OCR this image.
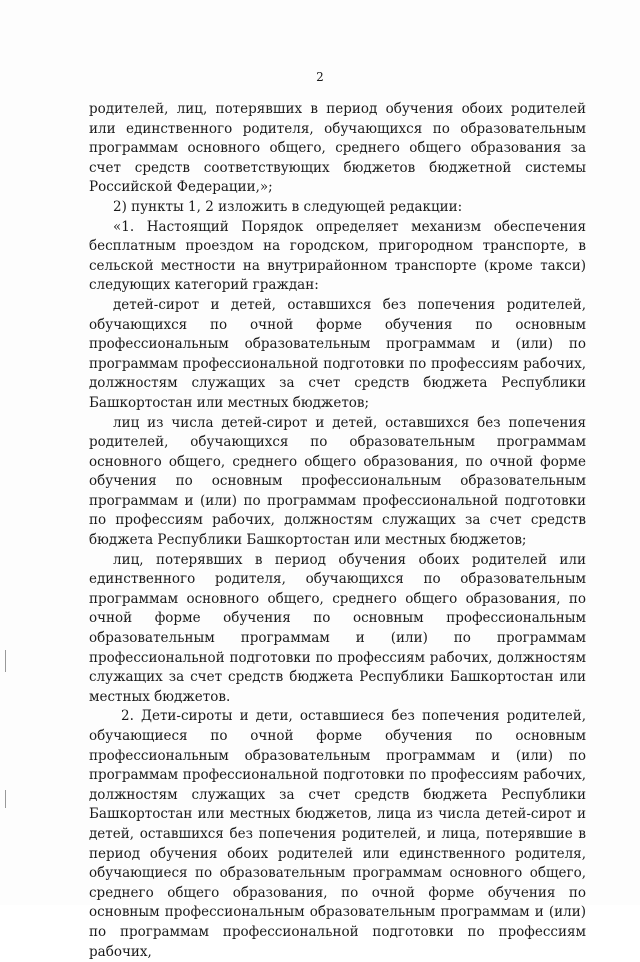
2

родителей, лиц, потерявших в период обучения обоих родителей или единственного родителя, обучающихся по образовательным программам основного общего, среднего общего образования за счет средств соответствующих бюджетов бюджетной системы Российской Федерации,»;

2) пункты 1, 2 изложить в следующей редакции:

«1. Настоящий Порядок определяет механизм обеспечения бесплатным проездом на городском, пригородном транспорте, в сельской местности на внутрирайонном транспорте (кроме такси) следующих категорий граждан:

детей-сирот и детей, оставшихся без попечения родителей, обучающихся по очной форме обучения по основным профессиональным образовательным программам и (или) по программам профессиональной подготовки по профессиям рабочих, должностям служащих за счет средств бюджета Республики Башкортостан или местных бюджетов;

лиц из числа детей-сирот и детей, оставшихся без попечения родителей, обучающихся по образовательным программам основного общего, среднего общего образования, по очной форме обучения по основным профессиональным образовательным программам и (или) по программам профессиональной подготовки по профессиям рабочих, должностям служащих за счет средств бюджета Республики Башкортостан или местных бюджетов;

лиц, потерявших в период обучения обоих родителей или единственного родителя, обучающихся по образовательным программам основного общего, среднего общего образования, по очной форме обучения по основным профессиональным образовательным программам и (или) по программам профессиональной подготовки по профессиям рабочих, должностям служащих за счет средств бюджета Республики Башкортостан или местных бюджетов.

2. Дети-сироты и дети, оставшиеся без попечения родителей, обучающиеся по очной форме обучения по основным профессиональным образовательным программам и (или) по программам профессиональной подготовки по профессиям рабочих, должностям служащих за счет средств бюджета Республики Башкортостан или местных бюджетов, лица из числа детей-сирот и детей, оставшихся без попечения родителей, и лица, потерявшие в период обучения обоих родителей или единственного родителя, обучающиеся по образовательным программам основного общего, среднего общего образования, по очной форме обучения по основным профессиональным образовательным программам и (или) по программам профессиональной подготовки по профессиям рабочих,
